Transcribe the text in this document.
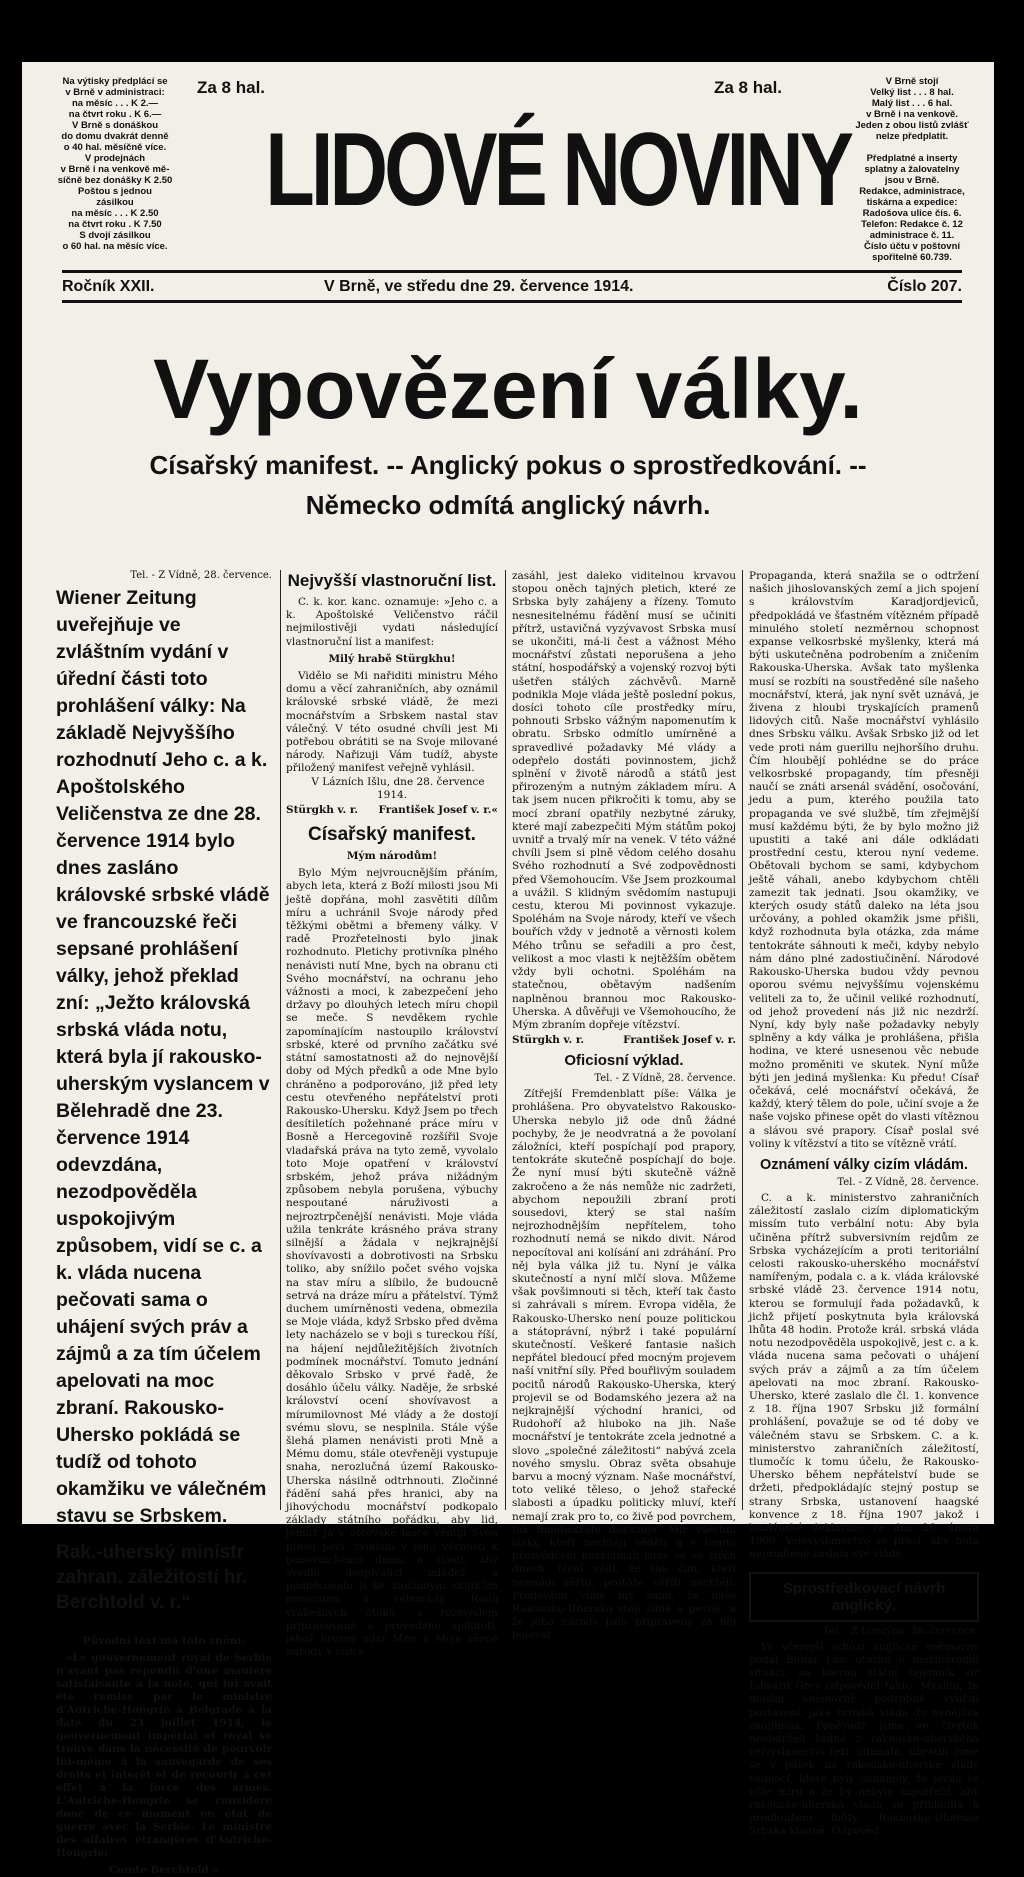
Na výtisky předplácí se
v Brně v administraci:
na měsíc . . . K 2.—
na čtvrt roku . K 6.—
V Brně s donáškou
do domu dvakrát denně
o 40 hal. měsíčně více.
V prodejnách
v Brně i na venkově mě-
síčně bez donášky K 2.50
Poštou s jednou
zásilkou
na měsíc . . . K 2.50
na čtvrt roku . K 7.50
S dvojí zásilkou
o 60 hal. na měsíc více.
Za 8 hal.	Za 8 hal.
LIDOVÉ NOVINY
V Brně stojí
Velký list . . . 8 hal.
Malý list . . . 6 hal.
v Brně i na venkově.
Jeden z obou listů zvlášť
nelze předplatit.
Předplatné a inserty
splatny a žalovatelny
jsou v Brně.
Redakce, administrace,
tiskárna a expedice:
Radošova ulice čís. 6.
Telefon: Redakce č. 12
administrace č. 11.
Číslo účtu v poštovní
spořitelně 60.739.
Ročník XXII.	V Brně, ve středu dne 29. července 1914.	Číslo 207.
Vypovězení války.
Císařský manifest. -- Anglický pokus o sprostředkování. --
Německo odmítá anglický návrh.

Tel. - Z Vídně, 28. července.

Wiener Zeitung uveřejňuje ve zvláštním vydání v úřední části toto prohlášení války: Na základě Nejvyššího rozhodnutí Jeho c. a k. Apoštolského Veličenstva ze dne 28. července 1914 bylo dnes zasláno královské srbské vládě ve francouzské řeči sepsané prohlášení války, jehož překlad zní: „Ježto královská srbská vláda notu, která byla jí rakousko-uherským vyslancem v Bělehradě dne 23. července 1914 odevzdána, nezodpověděla uspokojivým způsobem, vidí se c. a k. vláda nucena pečovati sama o uhájení svých práv a zájmů a za tím účelem apelovati na moc zbraní. Rakousko-Uhersko pokládá se tudíž od tohoto okamžiku ve válečném stavu se Srbskem.

Rak.-uherský ministr zahran. záležitostí hr. Berchtold v. r.“

Původní text má toto znění:

»Le gouvernement royal de Serbie n'ayant pas répondu d'une manière satisfaisante à la note, qui lui avait été remise par le ministre d'Autriche-Hongrie à Belgrade à la date du 23 juillet 1914, le gouvernement impérial et royal se trouve dans la nécessité de pourvoir lui-même à la sauvegarde de ses droits et intérêt et de recourir à cet effet à la force des armes. L'Autriche-Hongrie se considère donc de ce moment en état de guerre avec la Serbie. Le ministre des affaires étrangères d'Autriche-Hongrie:

Comte Berchtold.«

Nejvyšší vlastnoruční list.

C. k. kor. kanc. oznamuje: »Jeho c. a k. Apoštolské Veličenstvo ráčil nejmilostivěji vydati následující vlastnoruční list a manifest:

Milý hrabě Stürgkhu!

Vidělo se Mi nařiditi ministru Mého domu a věcí zahraničních, aby oznámil královské srbské vládě, že mezi mocnářstvím a Srbskem nastal stav válečný. V této osudné chvíli jest Mi potřebou obrátiti se na Svoje milované národy. Nařizuji Vám tudíž, abyste přiložený manifest veřejně vyhlásil.

V Lázních Išlu, dne 28. července 1914.

Stürgkh v. r. František Josef v. r.«
Císařský manifest.

Mým národům!

Bylo Mým nejvroucnějším přáním, abych leta, která z Boží milosti jsou Mi ještě dopřána, mohl zasvětiti dílům míru a uchránil Svoje národy před těžkými obětmi a břemeny války. V radě Prozřetelnosti bylo jinak rozhodnuto. Pletichy protivníka plného nenávisti nutí Mne, bych na obranu cti Svého mocnářství, na ochranu jeho vážnosti a moci, k zabezpečení jeho državy po dlouhých letech míru chopil se meče. S nevděkem rychle zapomínajícím nastoupilo království srbské, které od prvního začátku své státní samostatnosti až do nejnovější doby od Mých předků a ode Mne bylo chráněno a podporováno, již před lety cestu otevřeného nepřátelství proti Rakousko-Uhersku. Když Jsem po třech desítiletích požehnané práce míru v Bosně a Hercegovině rozšířil Svoje vladařská práva na tyto země, vyvolalo toto Moje opatření v království srbském, jehož práva nižádným způsobem nebyla porušena, výbuchy nespoutané náruživosti a nejroztrpčenější nenávisti. Moje vláda užila tenkráte krásného práva strany silnější a žádala v nejkrajnější shovívavosti a dobrotivosti na Srbsku toliko, aby snížilo počet svého vojska na stav míru a slíbilo, že budoucně setrvá na dráze míru a přátelství. Týmž duchem umírněnosti vedena, obmezila se Moje vláda, když Srbsko před dvěma lety nacházelo se v boji s tureckou říší, na hájení nejdůležitějších životních podmínek mocnářství. Tomuto jednání děkovalo Srbsko v prvé řadě, že dosáhlo účelu války. Naděje, že srbské království ocení shovívavost a mírumilovnost Mé vlády a že dostojí svému slovu, se nesplnila. Stále výše šlehá plamen nenávisti proti Mně a Mému domu, stále otevřeněji vystupuje snaha, nerozlučná území Rakousko-Uherska násilně odtrhnouti. Zločinné řádění sahá přes hranici, aby na jihovýchodu mocnářství podkopalo základy státního pořádku, aby lid, jemuž Já v otcovské lásce věnuji Svou plnou péči, zviklalo v jeho věrnosti k panovnickému domu a vlasti, aby svedlo dospívající mládež a podněcovalo ji ke zločinným skutkům nerozumu a velezrády. Řada vražedných útoků, s rozmyslem připravované a provedené spiknutí, jehož hrozný zdar Mne a Moje věrné národy v srdce

zasáhl, jest daleko viditelnou krvavou stopou oněch tajných pletich, které ze Srbska byly zahájeny a řízeny. Tomuto nesnesitelnému řádění musí se učiniti přítrž, ustavičná vyzývavost Srbska musí se ukončiti, má-li čest a vážnost Mého mocnářství zůstati neporušena a jeho státní, hospodářský a vojenský rozvoj býti ušetřen stálých záchvěvů. Marně podnikla Moje vláda ještě poslední pokus, dosíci tohoto cíle prostředky míru, pohnouti Srbsko vážným napomenutím k obratu. Srbsko odmítlo umírněné a spravedlivé požadavky Mé vlády a odepřelo dostáti povinnostem, jichž splnění v životě národů a států jest přirozeným a nutným základem míru. A tak jsem nucen přikročiti k tomu, aby se mocí zbraní opatřily nezbytné záruky, které mají zabezpečiti Mým státům pokoj uvnitř a trvalý mír na venek. V této vážné chvíli Jsem si plně vědom celého dosahu Svého rozhodnutí a Své zodpovědnosti před Všemohoucím. Vše Jsem prozkoumal a uvážil. S klidným svědomím nastupuji cestu, kterou Mi povinnost vykazuje. Spoléhám na Svoje národy, kteří ve všech bouřích vždy v jednotě a věrnosti kolem Mého trůnu se seřadili a pro čest, velikost a moc vlasti k nejtěžším obětem vždy byli ochotni. Spoléhám na statečnou, obětavým nadšením naplněnou brannou moc Rakousko-Uherska. A důvěřuji ve Všemohoucího, že Mým zbraním dopřeje vítězství.

Stürgkh v. r.	František Josef v. r.
Oficiosní výklad.

Tel. - Z Vídně, 28. července.

Zítřejší Fremdenblatt píše: Válka je prohlášena. Pro obyvatelstvo Rakousko-Uherska nebylo již ode dnů žádné pochyby, že je neodvratná a že povolaní záložníci, kteří pospíchají pod prapory, tentokráte skutečně pospíchají do boje. Že nyní musí býti skutečně vážně zakročeno a že nás nemůže nic zadržeti, abychom nepoužili zbraní proti sousedovi, který se stal naším nejrozhodnějším nepřítelem, toho rozhodnutí nemá se nikdo divit. Národ nepocítoval ani kolísání ani zdráhání. Pro něj byla válka již tu. Nyní je válka skutečností a nyní mlčí slova. Můžeme však povšimnouti si těch, kteří tak často si zahrávali s mírem. Evropa viděla, že Rakousko-Uhersko není pouze politickou a státoprávní, nýbrž i také populární skutečností. Veškeré fantasie našich nepřátel bledoucí před mocným projevem naší vnitřní síly. Před bouřlivým souladem pocitů národů Rakousko-Uherska, který projevil se od Bodamského jezera až na nejkrajnější východní hranici, od Rudohoří až hluboko na jih. Naše mocnářství je tentokráte zcela jednotné a slovo „společné záležitosti“ nabývá zcela nového smyslu. Obraz světa obsahuje barvu a mocný význam. Naše mocnářství, toto veliké těleso, o jehož stařecké slabosti a úpadku politicky mluví, kteří nemají zrak pro to, co živě pod povrchem, tak mnohokráte dokazuje. Mír všechní lásky, kteří nechtějí věděti a v tomto přesvědčení nezklamali jsme se ve zlých dnech. Nyní vědí, že tak činí, kteří nemohli věřiti, protože věřiti nechtěli. Především víme my sami, že naše Rakousko-Uhersko stojí silné a pevné, a že jeho národy jsou připraveny za něj bojovat.

Propaganda, která snažila se o odtržení našich jihoslovanských zemí a jich spojení s královstvím Karadjordjeviců, předpokládá ve šťastném vítězném případě minulého století nezměrnou schopnost expanse velkosrbské myšlenky, která má býti uskutečněna podrobením a zničením Rakouska-Uherska. Avšak tato myšlenka musí se rozbíti na soustředěné síle našeho mocnářství, která, jak nyní svět uznává, je živena z hloubi tryskajících pramenů lidových citů. Naše mocnářství vyhlásilo dnes Srbsku válku. Avšak Srbsko již od let vede proti nám guerillu nejhoršího druhu. Čím hloubějí pohlédne se do práce velkosrbské propagandy, tím přesněji naučí se znáti arsenál svádění, osočování, jedu a pum, kterého použila tato propaganda ve své službě, tím zřejmější musí každému býti, že by bylo možno již upustiti a také ani dále odkládati prostřední cestu, kterou nyní vedeme. Obětovali bychom se sami, kdybychom ještě váhali, anebo kdybychom chtěli zamezit tak jednati. Jsou okamžiky, ve kterých osudy států daleko na léta jsou určovány, a pohled okamžik jsme přišli, když rozhodnuta byla otázka, zda máme tentokráte sáhnouti k meči, kdyby nebylo nám dáno plné zadostiučinění. Národové Rakousko-Uherska budou vždy pevnou oporou svému nejvyššímu vojenskému veliteli za to, že učinil veliké rozhodnutí, od jehož provedení nás již nic nezdrží. Nyní, kdy byly naše požadavky nebyly splněny a kdy válka je prohlášena, přišla hodina, ve které usnesenou věc nebude možno proměniti ve skutek. Nyní může býti jen jediná myšlenka: Ku předu! Císař očekává, celé mocnářství očekává, že každý, který tělem do pole, učiní svoje a že naše vojsko přinese opět do vlasti vítěznou a slávou své prapory. Císař poslal své voliny k vítězství a tito se vítězně vrátí.

Oznámení války cizím vládám.

Tel. - Z Vídně, 28. července.

C. a k. ministerstvo zahraničních záležitostí zaslalo cizím diplomatickým missím tuto verbální notu: Aby byla učiněna přítrž subversivním rejdům ze Srbska vycházejícím a proti teritoriální celosti rakousko-uherského mocnářství namířeným, podala c. a k. vláda královské srbské vládě 23. července 1914 notu, kterou se formulují řada požadavků, k jichž přijetí poskytnuta byla královská lhůta 48 hodin. Protože král. srbská vláda notu nezodpověděla uspokojivě, jest c. a k. vláda nucena sama pečovati o uhájení svých práv a zájmů a za tím účelem apelovati na moc zbraní. Rakousko-Uhersko, které zaslalo dle čl. 1. konvence z 18. října 1907 Srbsku již formální prohlášení, považuje se od té doby ve válečném stavu se Srbskem. C. a k. ministerstvo zahraničních záležitostí, tlumočíc k tomu účelu, že Rakousko-Uhersko během nepřátelství bude se držeti, předpokládajíc stejný postup se strany Srbska, ustanovení haagské konvence z 18. října 1907 jakož i londýnské deklarace ze dne 26. února 1909. Velevyslanectvo se prosí, aby noto neprodleně zaslala své vládě.

Sprostředkovací návrh anglický.

Tel. - Z Londýna, 28. července.

Ve včerejší schůzi anglické sněmovny podal Bonar Law otázku o mezinárodní situaci, na kterou státní tajemník sir Edward Grey odpověděl takto: Myslím, že musím sněmovně podrobně vylíčiti postavení, jaké britská vláda do nynějška zaujímala. Poněvadž jsme ve čtvrtek neobdrželi žádné z rakousko-uherského velvyslanectví text ultimata, obrátili jsme se v pátek na rakousko-uherské vlády velmocí, které byly oznámily, že jevila se vůle míru a že by nebylo zapotřebí, aby rakousko-uherská vláda se přiklonila k prodloužení lhůty. Rakousko-Uhersko Srbska kladně. Odpověď
